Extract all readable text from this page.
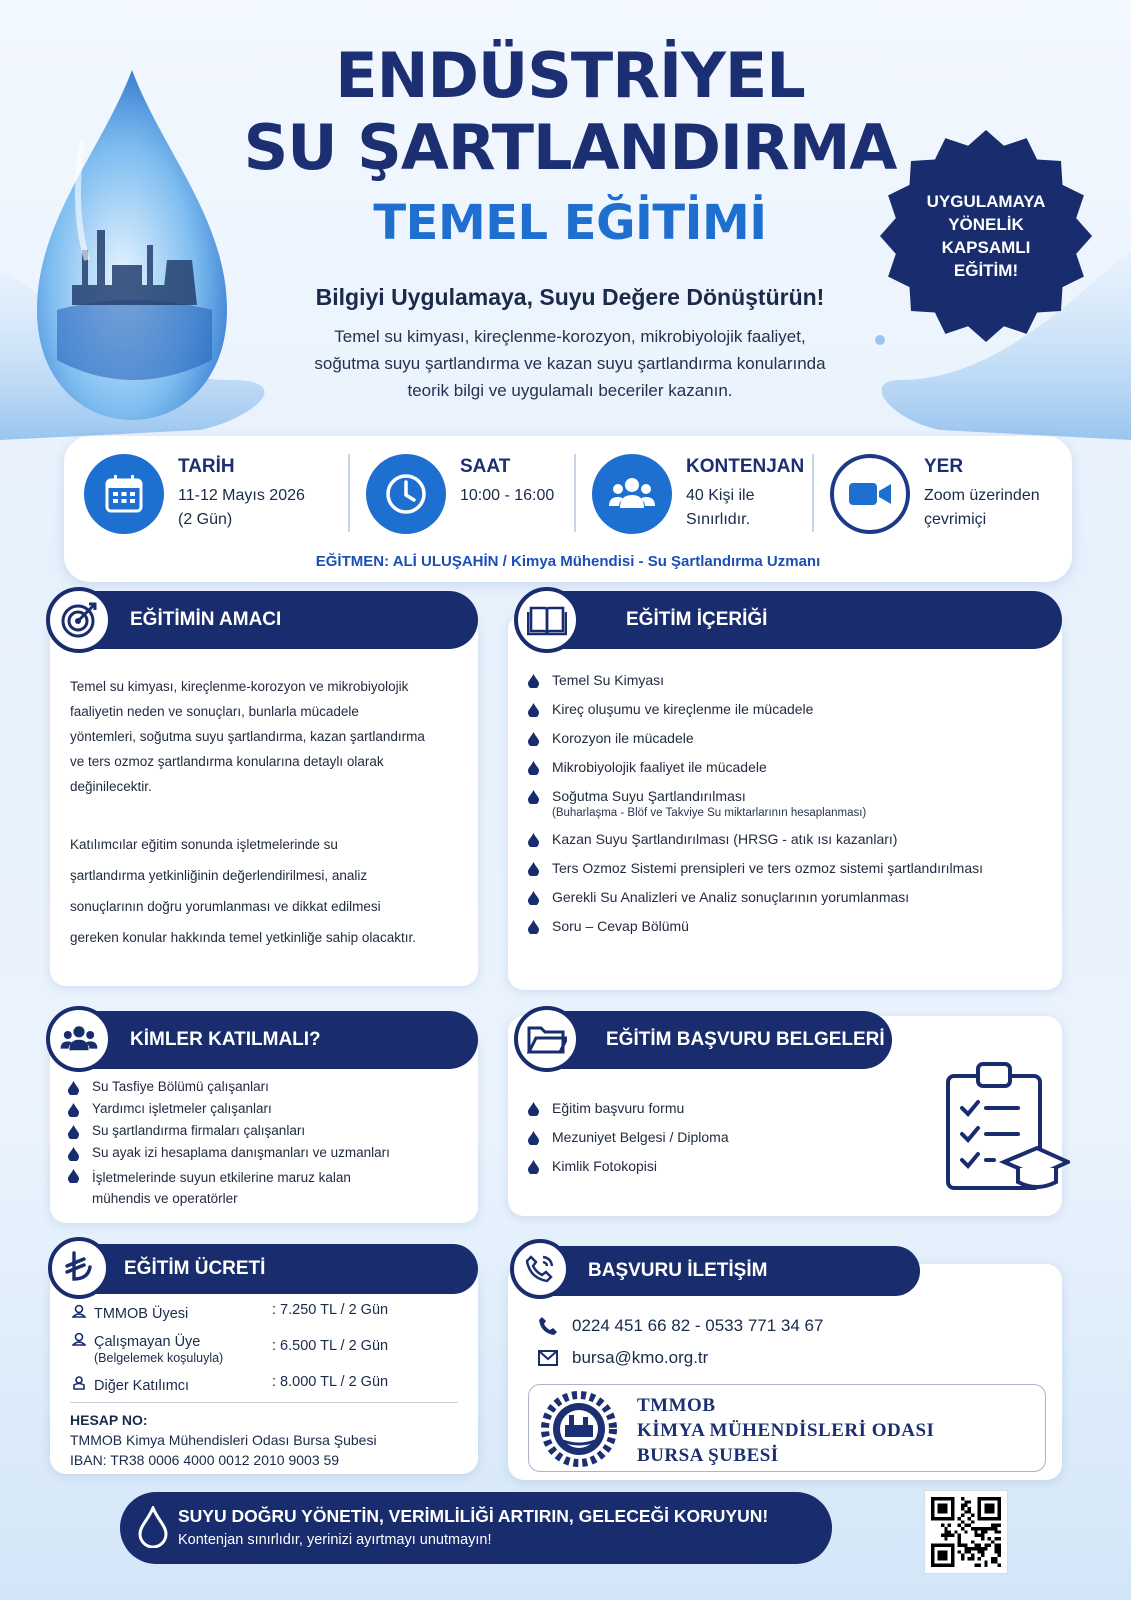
ENDÜSTRİYEL
SU ŞARTLANDIRMA
TEMEL EĞİTİMİ
Bilgiyi Uygulamaya, Suyu Değere Dönüştürün!
Temel su kimyası, kireçlenme-korozyon, mikrobiyolojik faaliyet,
soğutma suyu şartlandırma ve kazan suyu şartlandırma konularında
teorik bilgi ve uygulamalı beceriler kazanın.
UYGULAMAYA
YÖNELİK
KAPSAMLI
EĞİTİM!
TARİH
11-12 Mayıs 2026
(2 Gün)
SAAT
10:00 - 16:00
KONTENJAN
40 Kişi ile
Sınırlıdır.
YER
Zoom üzerinden
çevrimiçi
EĞİTMEN: ALİ ULUŞAHİN / Kimya Mühendisi - Su Şartlandırma Uzmanı
Temel su kimyası, kireçlenme-korozyon ve mikrobiyolojik
faaliyetin neden ve sonuçları, bunlarla mücadele
yöntemleri, soğutma suyu şartlandırma, kazan şartlandırma
ve ters ozmoz şartlandırma konularına detaylı olarak
değinilecektir.
Katılımcılar eğitim sonunda işletmelerinde su
şartlandırma yetkinliğinin değerlendirilmesi, analiz
sonuçlarının doğru yorumlanması ve dikkat edilmesi
gereken konular hakkında temel yetkinliğe sahip olacaktır.
EĞİTİMİN AMACI
Temel Su Kimyası
Kireç oluşumu ve kireçlenme ile mücadele
Korozyon ile mücadele
Mikrobiyolojik faaliyet ile mücadele
Soğutma Suyu Şartlandırılması
(Buharlaşma - Blöf ve Takviye Su miktarlarının hesaplanması)
Kazan Suyu Şartlandırılması (HRSG - atık ısı kazanları)
Ters Ozmoz Sistemi prensipleri ve ters ozmoz sistemi şartlandırılması
Gerekli Su Analizleri ve Analiz sonuçlarının yorumlanması
Soru – Cevap Bölümü
EĞİTİM İÇERİĞİ
Su Tasfiye Bölümü çalışanları
Yardımcı işletmeler çalışanları
Su şartlandırma firmaları çalışanları
Su ayak izi hesaplama danışmanları ve uzmanları
İşletmelerinde suyun etkilerine maruz kalan
mühendis ve operatörler
KİMLER KATILMALI?
Eğitim başvuru formu
Mezuniyet Belgesi / Diploma
Kimlik Fotokopisi
EĞİTİM BAŞVURU BELGELERİ
TMMOB Üyesi	: 7.250 TL / 2 Gün
Çalışmayan Üye
(Belgelemek koşuluyla)
: 6.500 TL / 2 Gün
Diğer Katılımcı	: 8.000 TL / 2 Gün
HESAP NO:
TMMOB Kimya Mühendisleri Odası Bursa Şubesi
IBAN: TR38 0006 4000 0012 2010 9003 59
EĞİTİM ÜCRETİ
0224 451 66 82 - 0533 771 34 67
bursa@kmo.org.tr
BAŞVURU İLETİŞİM
TMMOB
KİMYA MÜHENDİSLERİ ODASI
BURSA ŞUBESİ
SUYU DOĞRU YÖNETİN, VERİMLİLİĞİ ARTIRIN, GELECEĞİ KORUYUN!
Kontenjan sınırlıdır, yerinizi ayırtmayı unutmayın!
